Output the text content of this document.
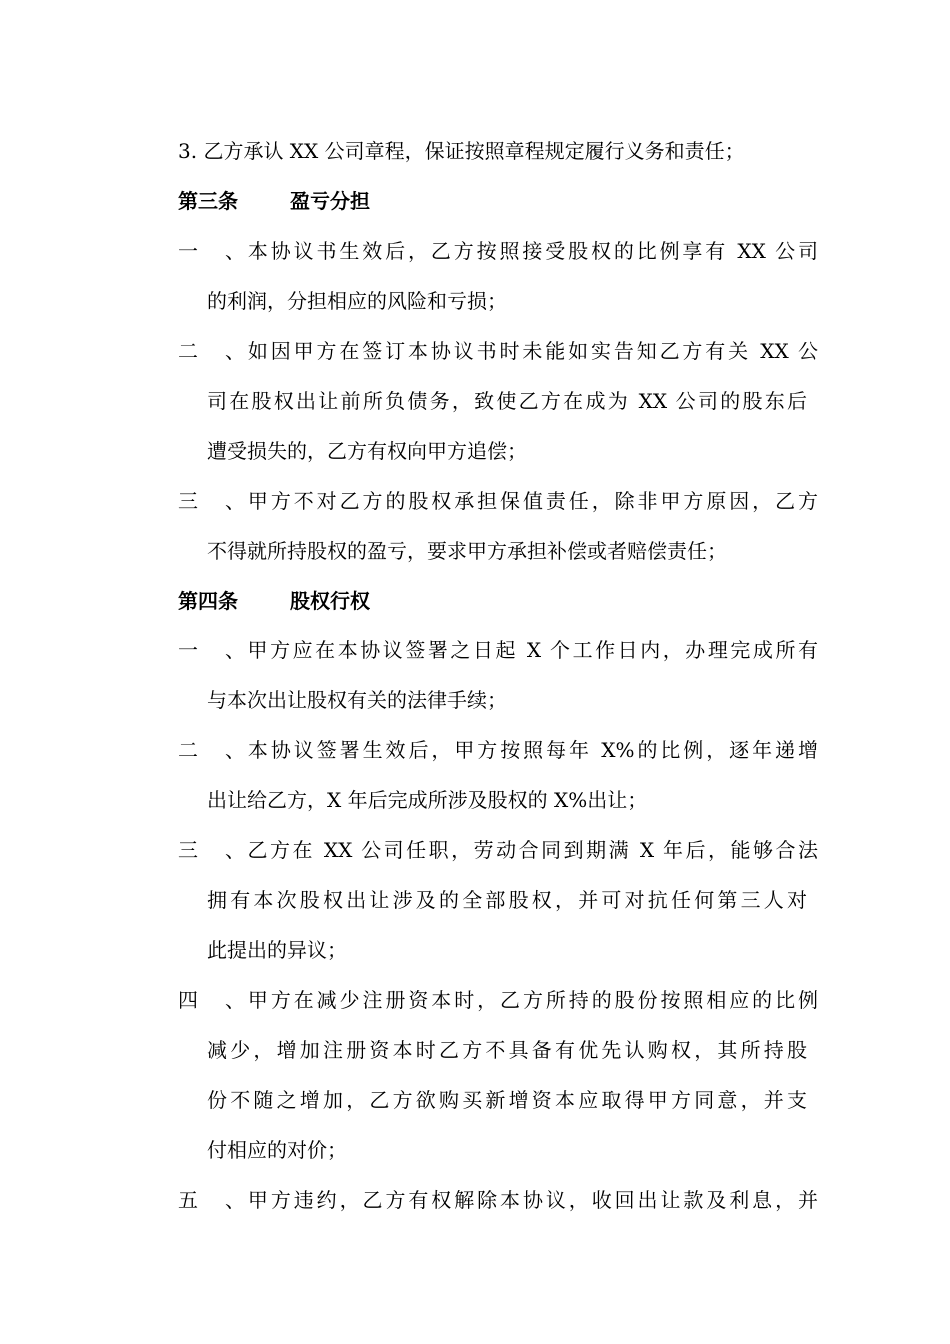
3. 乙方承认 XX 公司章程，保证按照章程规定履行义务和责任；
第三条	盈亏分担
一、本协议书生效后，乙方按照接受股权的比例享有 XX 公司
的利润，分担相应的风险和亏损；
二、如因甲方在签订本协议书时未能如实告知乙方有关 XX 公
司在股权出让前所负债务，致使乙方在成为 XX 公司的股东后
遭受损失的，乙方有权向甲方追偿；
三、甲方不对乙方的股权承担保值责任，除非甲方原因，乙方
不得就所持股权的盈亏，要求甲方承担补偿或者赔偿责任；
第四条	股权行权
一、甲方应在本协议签署之日起 X 个工作日内，办理完成所有
与本次出让股权有关的法律手续；
二、本协议签署生效后，甲方按照每年 X%的比例，逐年递增
出让给乙方，X 年后完成所涉及股权的 X%出让；
三、乙方在 XX 公司任职，劳动合同到期满 X 年后，能够合法
拥有本次股权出让涉及的全部股权，并可对抗任何第三人对
此提出的异议；
四、甲方在减少注册资本时，乙方所持的股份按照相应的比例
减少，增加注册资本时乙方不具备有优先认购权，其所持股
份不随之增加，乙方欲购买新增资本应取得甲方同意，并支
付相应的对价；
五、甲方违约，乙方有权解除本协议，收回出让款及利息，并
